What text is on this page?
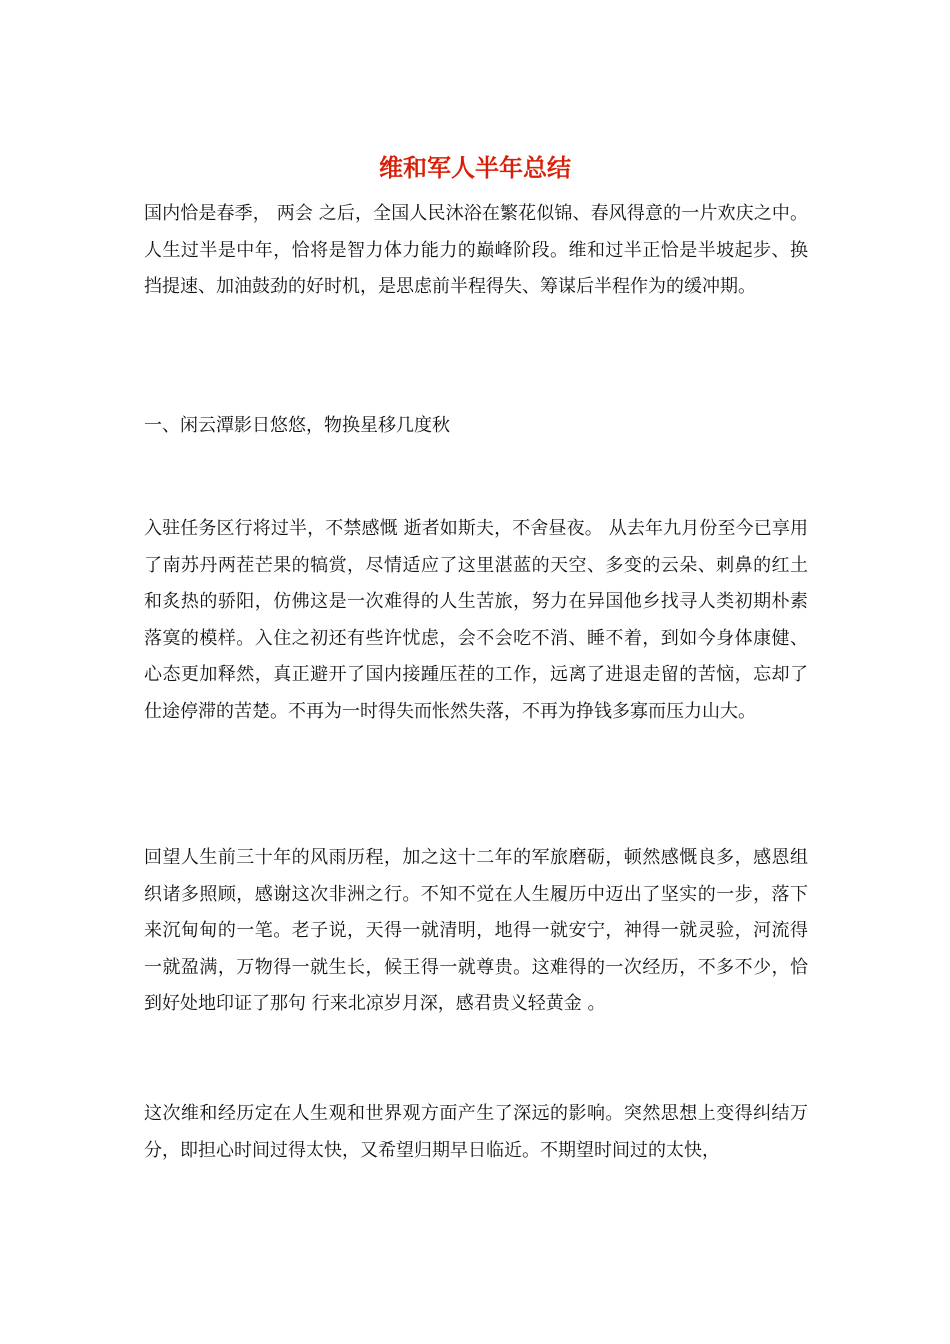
维和军人半年总结

国内恰是春季， 两会 之后，全国人民沐浴在繁花似锦、春风得意的一片欢庆之中。人生过半是中年，恰将是智力体力能力的巅峰阶段。维和过半正恰是半坡起步、换挡提速、加油鼓劲的好时机，是思虑前半程得失、筹谋后半程作为的缓冲期。

一、闲云潭影日悠悠，物换星移几度秋

入驻任务区行将过半，不禁感慨 逝者如斯夫，不舍昼夜。 从去年九月份至今已享用了南苏丹两茬芒果的犒赏，尽情适应了这里湛蓝的天空、多变的云朵、刺鼻的红土和炙热的骄阳，仿佛这是一次难得的人生苦旅，努力在异国他乡找寻人类初期朴素落寞的模样。入住之初还有些许忧虑，会不会吃不消、睡不着，到如今身体康健、心态更加释然，真正避开了国内接踵压茬的工作，远离了进退走留的苦恼，忘却了仕途停滞的苦楚。不再为一时得失而怅然失落，不再为挣钱多寡而压力山大。

回望人生前三十年的风雨历程，加之这十二年的军旅磨砺，顿然感慨良多，感恩组织诸多照顾，感谢这次非洲之行。不知不觉在人生履历中迈出了坚实的一步，落下来沉甸甸的一笔。老子说，天得一就清明，地得一就安宁，神得一就灵验，河流得一就盈满，万物得一就生长，候王得一就尊贵。这难得的一次经历，不多不少，恰到好处地印证了那句 行来北凉岁月深，感君贵义轻黄金 。

这次维和经历定在人生观和世界观方面产生了深远的影响。突然思想上变得纠结万分，即担心时间过得太快，又希望归期早日临近。不期望时间过的太快，
